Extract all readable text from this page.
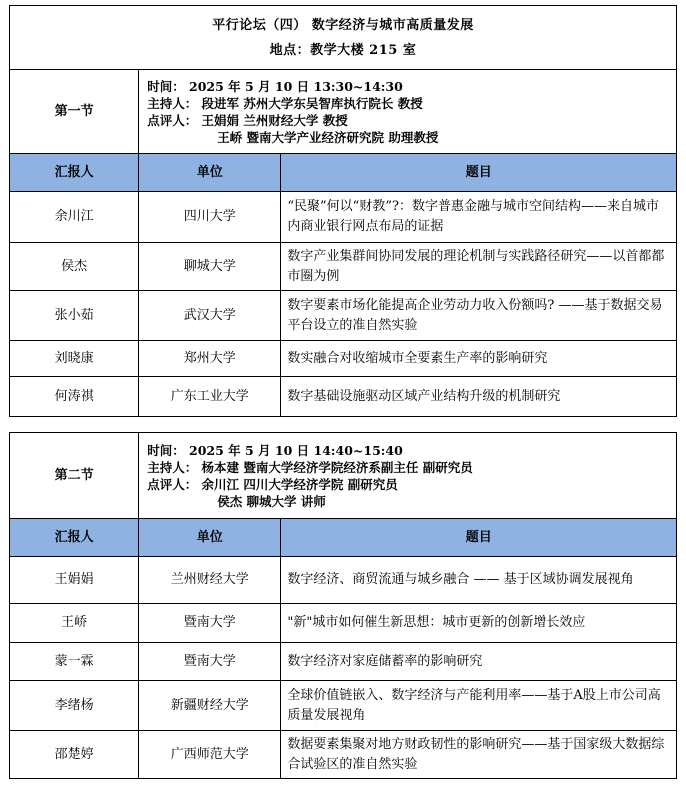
平行论坛（四） 数字经济与城市高质量发展
地点：教学大楼 215 室		

第一节	时间： 2025 年 5 月 10 日 13:30~14:30
主持人： 段进军 苏州大学东吴智库执行院长 教授
点评人： 王娟娟 兰州财经大学 教授
王峤 暨南大学产业经济研究院 助理教授	

汇报人	单位	题目
余川江	四川大学	“民聚”何以“财教”?：数字普惠金融与城市空间结构——来自城市内商业银行网点布局的证据
侯杰	聊城大学	数字产业集群间协同发展的理论机制与实践路径研究——以首都都市圈为例
张小茹	武汉大学	数字要素市场化能提高企业劳动力收入份额吗? ——基于数据交易平台设立的准自然实验
刘晓康	郑州大学	数实融合对收缩城市全要素生产率的影响研究
何涛祺	广东工业大学	数字基础设施驱动区域产业结构升级的机制研究
第二节	时间： 2025 年 5 月 10 日 14:40~15:40
主持人： 杨本建 暨南大学经济学院经济系副主任 副研究员
点评人： 余川江 四川大学经济学院 副研究员
侯杰 聊城大学 讲师	

汇报人	单位	题目
王娟娟	兰州财经大学	数字经济、商贸流通与城乡融合 —— 基于区域协调发展视角
王峤	暨南大学	"新"城市如何催生新思想：城市更新的创新增长效应
蒙一霖	暨南大学	数字经济对家庭储蓄率的影响研究
李绪杨	新疆财经大学	全球价值链嵌入、数字经济与产能利用率——基于A股上市公司高质量发展视角
邵楚婷	广西师范大学	数据要素集聚对地方财政韧性的影响研究——基于国家级大数据综合试验区的准自然实验
